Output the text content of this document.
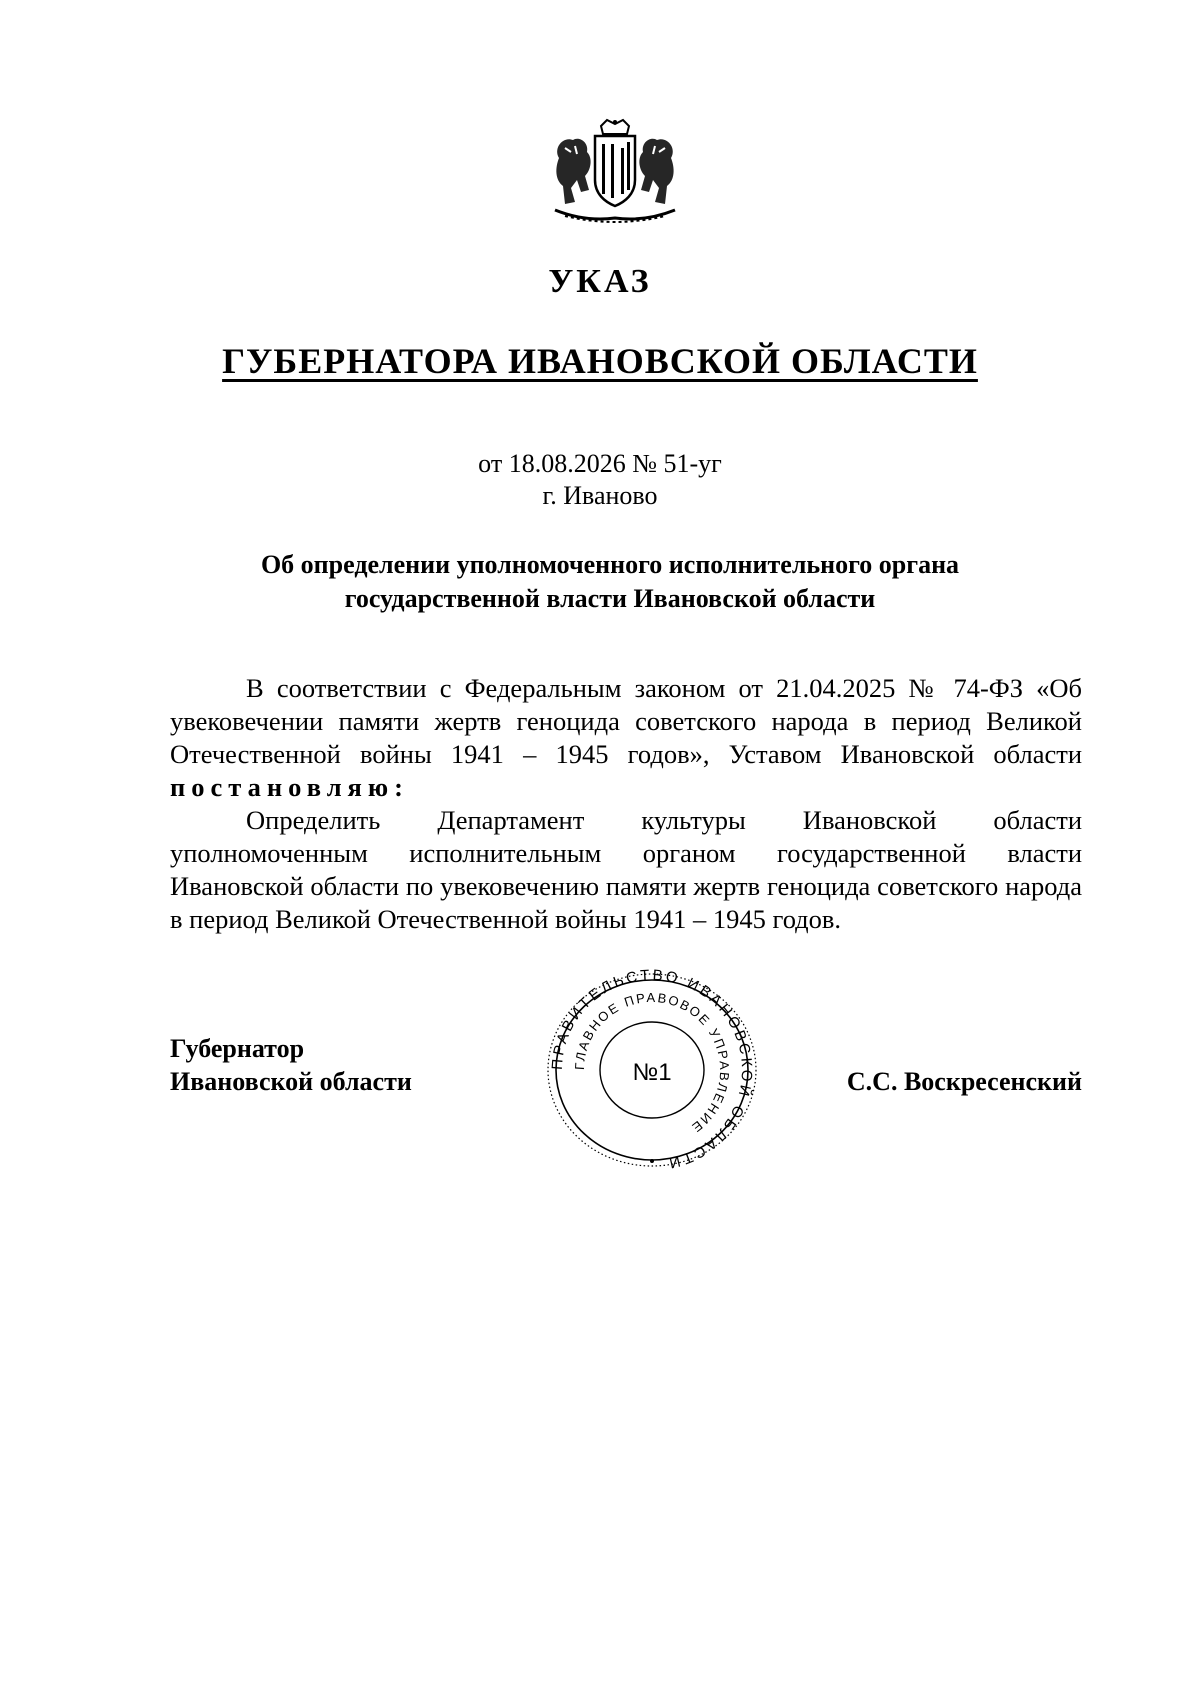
УКАЗ
ГУБЕРНАТОРА ИВАНОВСКОЙ ОБЛАСТИ
от 18.08.2026 № 51-уг
г. Иваново
Об определении уполномоченного исполнительного органа
государственной власти Ивановской области

В соответствии с Федеральным законом от 21.04.2025 № 74-ФЗ «Об увековечении памяти жертв геноцида советского народа в период Великой Отечественной войны 1941 – 1945 годов», Уставом Ивановской области постановляю:

Определить Департамент культуры Ивановской области уполномоченным исполнительным органом государственной власти Ивановской области по увековечению памяти жертв геноцида советского народа в период Великой Отечественной войны 1941 – 1945 годов.

Губернатор
Ивановской области
ПРАВИТЕЛЬСТВО ИВАНОВСКОЙ ОБЛАСТИ
ГЛАВНОЕ ПРАВОВОЕ УПРАВЛЕНИЕ
№1	С.С. Воскресенский
